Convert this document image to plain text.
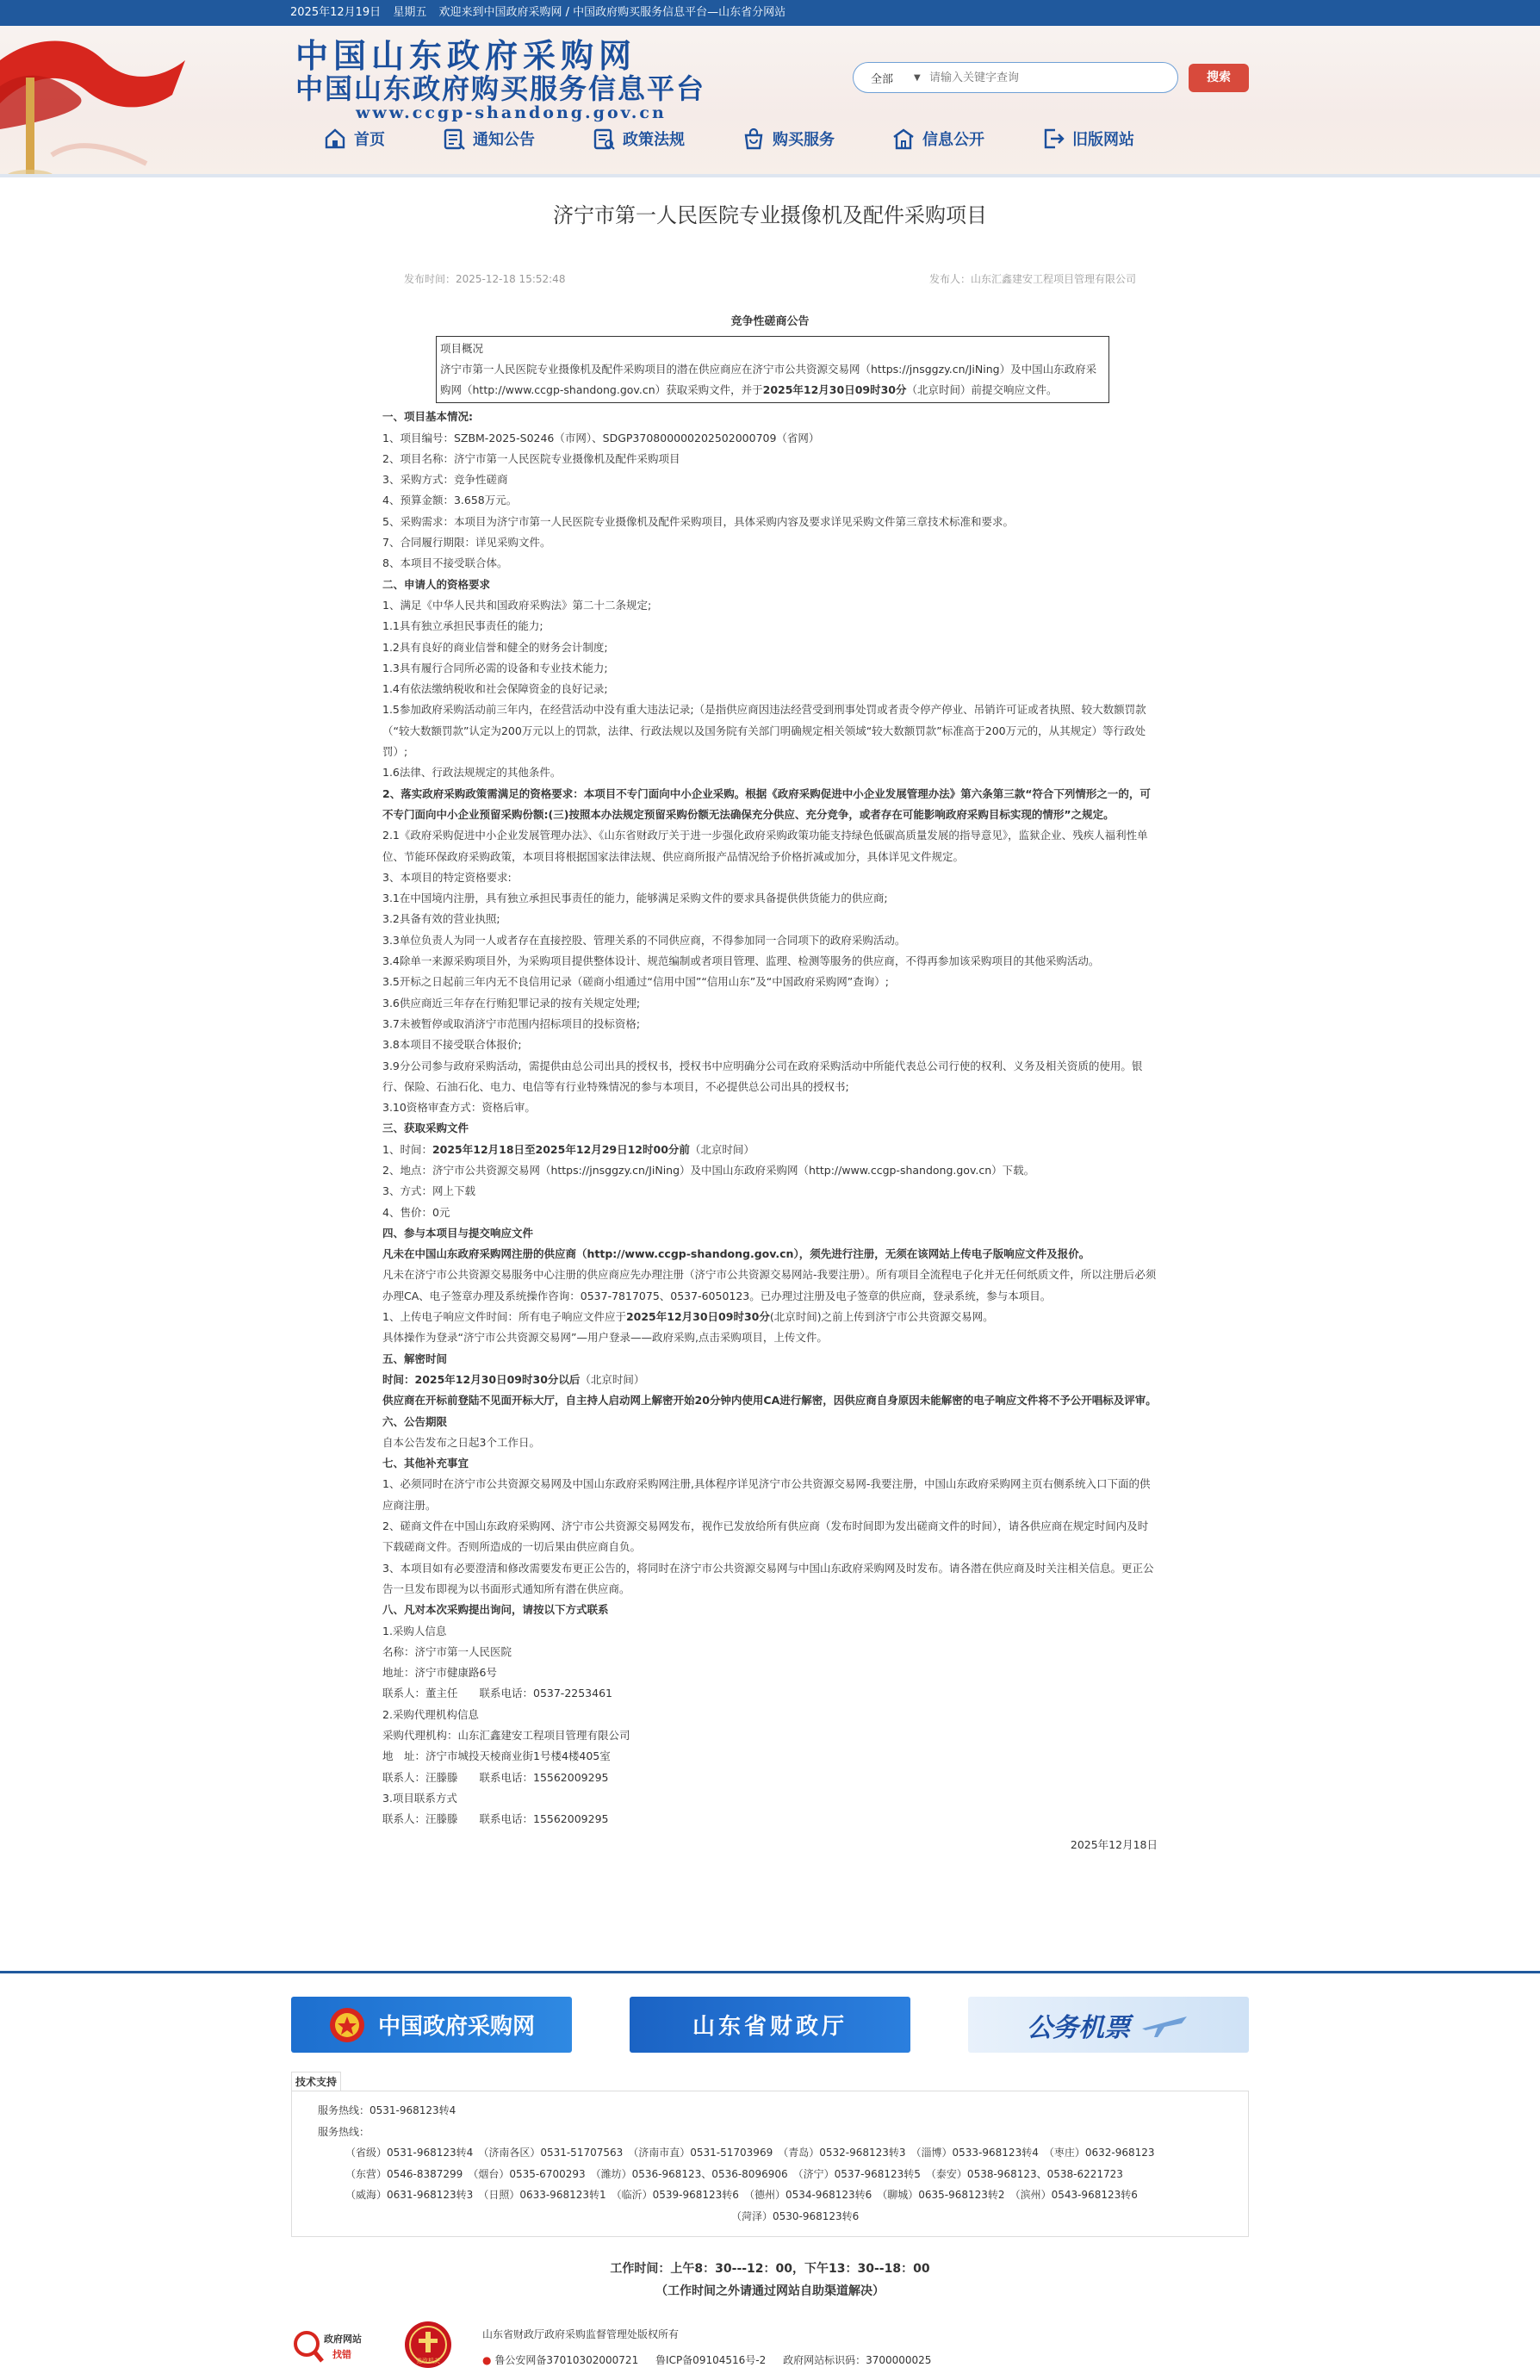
2025年12月19日 星期五 欢迎来到中国政府采购网 / 中国政府购买服务信息平台—山东省分网站
中国山东政府采购网
中国山东政府购买服务信息平台
www.ccgp-shandong.gov.cn
全部 ▼
请输入关键字查询	搜索
首页	通知公告	政策法规	购买服务	信息公开	旧版网站
济宁市第一人民医院专业摄像机及配件采购项目
发布时间：2025-12-18 15:52:48	发布人：山东汇鑫建安工程项目管理有限公司
竞争性磋商公告
项目概况
济宁市第一人民医院专业摄像机及配件采购项目的潜在供应商应在济宁市公共资源交易网（https://jnsggzy.cn/JiNing）及中国山东政府采购网（http://www.ccgp-shandong.gov.cn）获取采购文件，并于2025年12月30日09时30分（北京时间）前提交响应文件。

一、项目基本情况:

1、项目编号：SZBM-2025-S0246（市网）、SDGP370800000202502000709（省网）

2、项目名称：济宁市第一人民医院专业摄像机及配件采购项目

3、采购方式：竞争性磋商

4、预算金额：3.658万元。

5、采购需求：本项目为济宁市第一人民医院专业摄像机及配件采购项目，具体采购内容及要求详见采购文件第三章技术标准和要求。

7、合同履行期限：详见采购文件。

8、本项目不接受联合体。

二、申请人的资格要求

1、满足《中华人民共和国政府采购法》第二十二条规定;

1.1具有独立承担民事责任的能力;

1.2具有良好的商业信誉和健全的财务会计制度;

1.3具有履行合同所必需的设备和专业技术能力;

1.4有依法缴纳税收和社会保障资金的良好记录;

1.5参加政府采购活动前三年内，在经营活动中没有重大违法记录;（是指供应商因违法经营受到刑事处罚或者责令停产停业、吊销许可证或者执照、较大数额罚款（“较大数额罚款”认定为200万元以上的罚款，法律、行政法规以及国务院有关部门明确规定相关领域“较大数额罚款”标准高于200万元的，从其规定）等行政处罚）;

1.6法律、行政法规规定的其他条件。

2、落实政府采购政策需满足的资格要求：本项目不专门面向中小企业采购。根据《政府采购促进中小企业发展管理办法》第六条第三款“符合下列情形之一的，可不专门面向中小企业预留采购份额:(三)按照本办法规定预留采购份额无法确保充分供应、充分竞争，或者存在可能影响政府采购目标实现的情形”之规定。

2.1《政府采购促进中小企业发展管理办法》、《山东省财政厅关于进一步强化政府采购政策功能支持绿色低碳高质量发展的指导意见》，监狱企业、残疾人福利性单位、节能环保政府采购政策，本项目将根据国家法律法规、供应商所报产品情况给予价格折减或加分，具体详见文件规定。

3、本项目的特定资格要求:

3.1在中国境内注册，具有独立承担民事责任的能力，能够满足采购文件的要求具备提供供货能力的供应商;

3.2具备有效的营业执照;

3.3单位负责人为同一人或者存在直接控股、管理关系的不同供应商，不得参加同一合同项下的政府采购活动。

3.4除单一来源采购项目外，为采购项目提供整体设计、规范编制或者项目管理、监理、检测等服务的供应商，不得再参加该采购项目的其他采购活动。

3.5开标之日起前三年内无不良信用记录（磋商小组通过“信用中国”“信用山东”及“中国政府采购网”查询）;

3.6供应商近三年存在行贿犯罪记录的按有关规定处理;

3.7未被暂停或取消济宁市范围内招标项目的投标资格;

3.8本项目不接受联合体报价;

3.9分公司参与政府采购活动，需提供由总公司出具的授权书，授权书中应明确分公司在政府采购活动中所能代表总公司行使的权利、义务及相关资质的使用。银行、保险、石油石化、电力、电信等有行业特殊情况的参与本项目，不必提供总公司出具的授权书;

3.10资格审查方式：资格后审。

三、获取采购文件

1、时间：2025年12月18日至2025年12月29日12时00分前（北京时间）

2、地点：济宁市公共资源交易网（https://jnsggzy.cn/JiNing）及中国山东政府采购网（http://www.ccgp-shandong.gov.cn）下载。

3、方式：网上下载

4、售价：0元

四、参与本项目与提交响应文件

凡未在中国山东政府采购网注册的供应商（http://www.ccgp-shandong.gov.cn），须先进行注册，无须在该网站上传电子版响应文件及报价。

凡未在济宁市公共资源交易服务中心注册的供应商应先办理注册（济宁市公共资源交易网站-我要注册）。所有项目全流程电子化并无任何纸质文件，所以注册后必须办理CA、电子签章办理及系统操作咨询：0537-7817075、0537-6050123。已办理过注册及电子签章的供应商，登录系统，参与本项目。

1、上传电子响应文件时间：所有电子响应文件应于2025年12月30日09时30分(北京时间)之前上传到济宁市公共资源交易网。

具体操作为登录“济宁市公共资源交易网”—用户登录——政府采购,点击采购项目，上传文件。

五、解密时间

时间：2025年12月30日09时30分以后（北京时间）

供应商在开标前登陆不见面开标大厅，自主持人启动网上解密开始20分钟内使用CA进行解密，因供应商自身原因未能解密的电子响应文件将不予公开唱标及评审。

六、公告期限

自本公告发布之日起3个工作日。

七、其他补充事宜

1、必须同时在济宁市公共资源交易网及中国山东政府采购网注册,具体程序详见济宁市公共资源交易网-我要注册，中国山东政府采购网主页右侧系统入口下面的供应商注册。

2、磋商文件在中国山东政府采购网、济宁市公共资源交易网发布，视作已发放给所有供应商（发布时间即为发出磋商文件的时间），请各供应商在规定时间内及时下载磋商文件。否则所造成的一切后果由供应商自负。

3、本项目如有必要澄清和修改需要发布更正公告的，将同时在济宁市公共资源交易网与中国山东政府采购网及时发布。请各潜在供应商及时关注相关信息。更正公告一旦发布即视为以书面形式通知所有潜在供应商。

八、凡对本次采购提出询问，请按以下方式联系

1.采购人信息

名称：济宁市第一人民医院

地址：济宁市健康路6号

联系人：董主任　　联系电话：0537-2253461

2.采购代理机构信息

采购代理机构：山东汇鑫建安工程项目管理有限公司

地　址：济宁市城投天棱商业街1号楼4楼405室

联系人：汪滕滕　　联系电话：15562009295

3.项目联系方式

联系人：汪滕滕　　联系电话：15562009295

2025年12月18日
中国政府采购网	山东省财政厅	公务机票
技术支持
服务热线：0531-968123转4
服务热线：
（省级）0531-968123转4　（济南各区）0531-51707563　（济南市直）0531-51703969　（青岛）0532-968123转3　（淄博）0533-968123转4　（枣庄）0632-968123
（东营）0546-8387299　（烟台）0535-6700293　（潍坊）0536-968123、0536-8096906　（济宁）0537-968123转5　（泰安）0538-968123、0538-6221723
（威海）0631-968123转3　（日照）0633-968123转1　（临沂）0539-968123转6　（德州）0534-968123转6　（聊城）0635-968123转2　（滨州）0543-968123转6
（菏泽）0530-968123转6
工作时间：上午8：30---12：00，下午13：30--18：00
（工作时间之外请通过网站自助渠道解决）
政府网站
找错
党政机关
山东省财政厅政府采购监督管理处版权所有
● 鲁公安网备37010302000721 鲁ICP备09104516号-2 政府网站标识码：3700000025
